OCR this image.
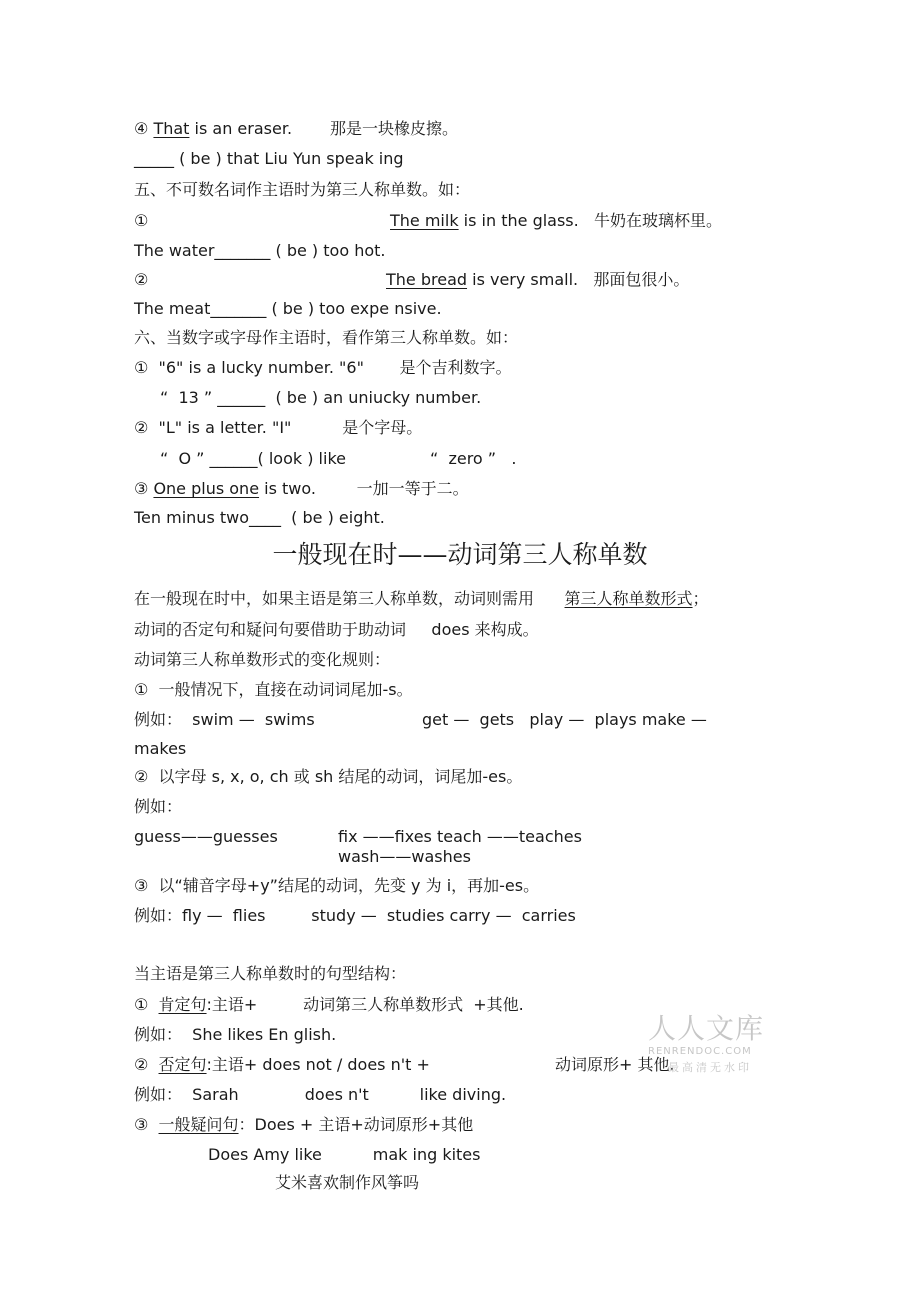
④ That is an eraser. 那是一块橡皮擦。
_____ ( be ) that Liu Yun speak ing
五、不可数名词作主语时为第三人称单数。如：
①	The milk is in the glass.   牛奶在玻璃杯里。
The water_______ ( be ) too hot.
②	The bread is very small.   那面包很小。
The meat_______ ( be ) too expe nsive.
六、当数字或字母作主语时，看作第三人称单数。如：
①  "6" is a lucky number. "6"       是个吉利数字。
“  13 ” ______  ( be ) an uniucky number.
②  "L" is a letter. "I"          是个字母。
“  O ” ______( look ) like	“  zero ”   .
③ One plus one is two.        一加一等于二。
Ten minus two____  ( be ) eight.
一般现在时——动词第三人称单数
在一般现在时中，如果主语是第三人称单数，动词则需用 第三人称单数形式；
动词的否定句和疑问句要借助于助动词     does 来构成。
动词第三人称单数形式的变化规则：
①  一般情况下，直接在动词词尾加-s。
例如：  swim —  swims	get —  gets   play —  plays make —
makes
②  以字母 s, x, o, ch 或 sh 结尾的动词，词尾加-es。
例如：
guess——guesses	fix ——fixes teach ——teaches
wash——washes
③  以“辅音字母+y”结尾的动词，先变 y 为 i，再加-es。
例如：fly —  flies         study —  studies carry —  carries
当主语是第三人称单数时的句型结构：
① 肯定句:主语+         动词第三人称单数形式  +其他.
例如：  She likes En glish.
② 否定句:主语+ does not / does n't +	动词原形+ 其他.
例如：  Sarah             does n't          like diving.
③ 一般疑问句：Does + 主语+动词原形+其他
Does Amy like          mak ing kites
艾米喜欢制作风筝吗
人人文库
RENRENDOC.COM
最高清无水印
